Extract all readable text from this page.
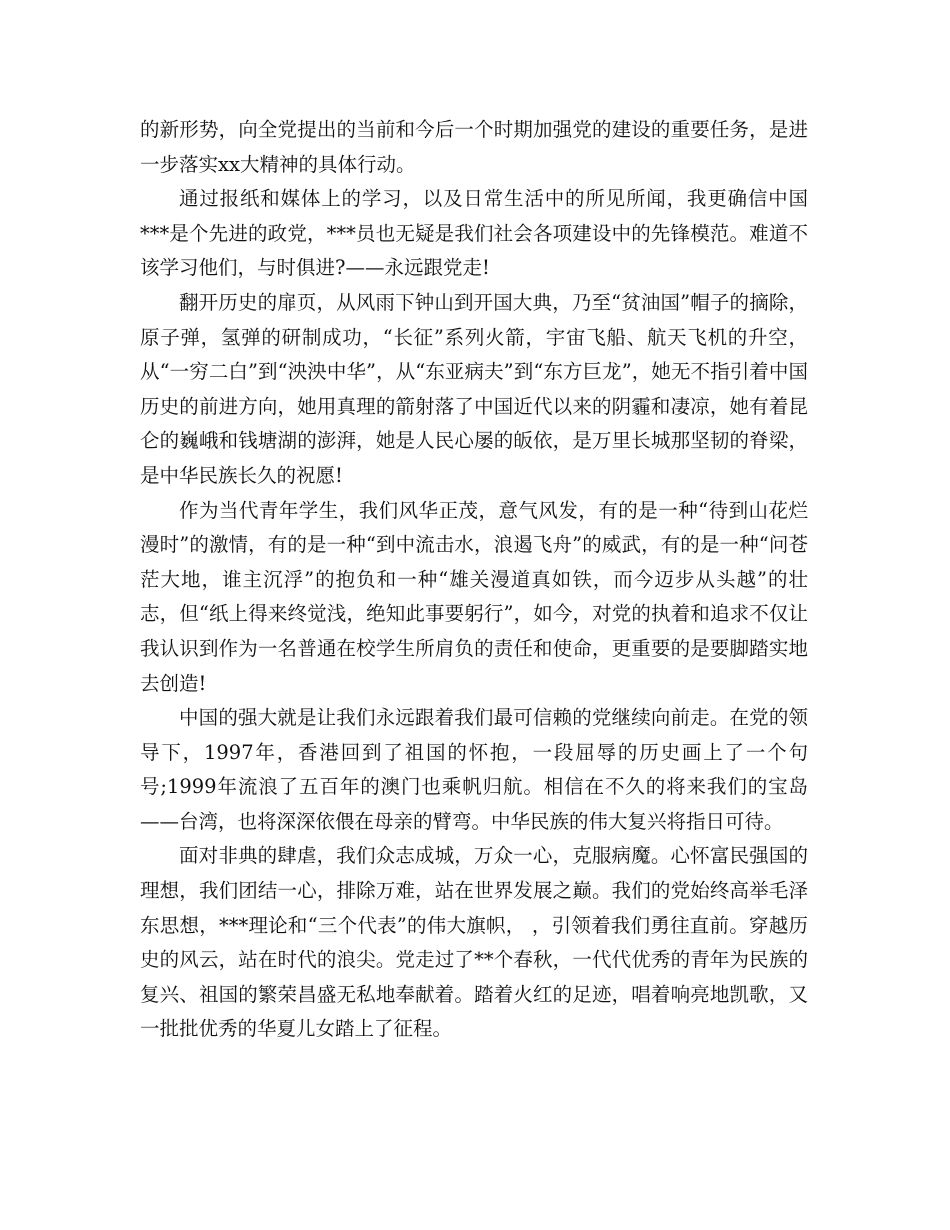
的新形势，向全党提出的当前和今后一个时期加强党的建设的重要任务，是进一步落实xx大精神的具体行动。

通过报纸和媒体上的学习，以及日常生活中的所见所闻，我更确信中国***是个先进的政党，***员也无疑是我们社会各项建设中的先锋模范。难道不该学习他们，与时俱进?——永远跟党走!

翻开历史的扉页，从风雨下钟山到开国大典，乃至“贫油国”帽子的摘除，原子弹，氢弹的研制成功，“长征”系列火箭，宇宙飞船、航天飞机的升空，从“一穷二白”到“泱泱中华”，从“东亚病夫”到“东方巨龙”，她无不指引着中国历史的前进方向，她用真理的箭射落了中国近代以来的阴霾和凄凉，她有着昆仑的巍峨和钱塘湖的澎湃，她是人民心屡的皈依，是万里长城那坚韧的脊梁，是中华民族长久的祝愿!

作为当代青年学生，我们风华正茂，意气风发，有的是一种“待到山花烂漫时”的激情，有的是一种“到中流击水，浪遏飞舟”的威武，有的是一种“问苍茫大地，谁主沉浮”的抱负和一种“雄关漫道真如铁，而今迈步从头越”的壮志，但“纸上得来终觉浅，绝知此事要躬行”，如今，对党的执着和追求不仅让我认识到作为一名普通在校学生所肩负的责任和使命，更重要的是要脚踏实地去创造!

中国的强大就是让我们永远跟着我们最可信赖的党继续向前走。在党的领导下，1997年，香港回到了祖国的怀抱，一段屈辱的历史画上了一个句号;1999年流浪了五百年的澳门也乘帆归航。相信在不久的将来我们的宝岛——台湾，也将深深依偎在母亲的臂弯。中华民族的伟大复兴将指日可待。

面对非典的肆虐，我们众志成城，万众一心，克服病魔。心怀富民强国的理想，我们团结一心，排除万难，站在世界发展之巅。我们的党始终高举毛泽东思想，***理论和“三个代表”的伟大旗帜， ，引领着我们勇往直前。穿越历史的风云，站在时代的浪尖。党走过了**个春秋，一代代优秀的青年为民族的复兴、祖国的繁荣昌盛无私地奉献着。踏着火红的足迹，唱着响亮地凯歌，又一批批优秀的华夏儿女踏上了征程。
